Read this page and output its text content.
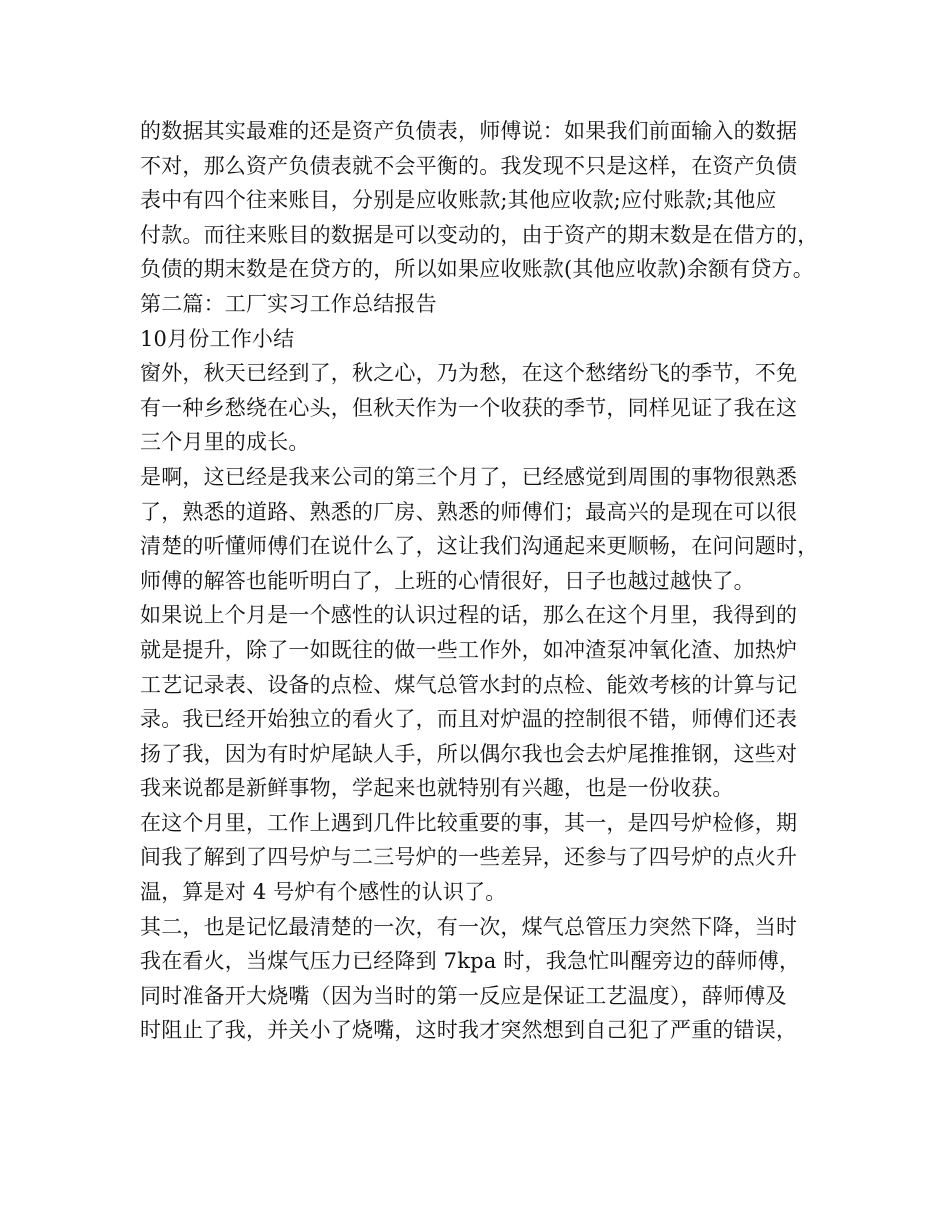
的数据其实最难的还是资产负债表，师傅说：如果我们前面输入的数据
不对，那么资产负债表就不会平衡的。我发现不只是这样，在资产负债
表中有四个往来账目，分别是应收账款;其他应收款;应付账款;其他应
付款。而往来账目的数据是可以变动的，由于资产的期末数是在借方的，
负债的期末数是在贷方的，所以如果应收账款(其他应收款)余额有贷方。
第二篇：工厂实习工作总结报告
10月份工作小结
窗外，秋天已经到了，秋之心，乃为愁，在这个愁绪纷飞的季节，不免
有一种乡愁绕在心头，但秋天作为一个收获的季节，同样见证了我在这
三个月里的成长。
是啊，这已经是我来公司的第三个月了，已经感觉到周围的事物很熟悉
了，熟悉的道路、熟悉的厂房、熟悉的师傅们；最高兴的是现在可以很
清楚的听懂师傅们在说什么了，这让我们沟通起来更顺畅，在问问题时，
师傅的解答也能听明白了，上班的心情很好，日子也越过越快了。
如果说上个月是一个感性的认识过程的话，那么在这个月里，我得到的
就是提升，除了一如既往的做一些工作外，如冲渣泵冲氧化渣、加热炉
工艺记录表、设备的点检、煤气总管水封的点检、能效考核的计算与记
录。我已经开始独立的看火了，而且对炉温的控制很不错，师傅们还表
扬了我，因为有时炉尾缺人手，所以偶尔我也会去炉尾推推钢，这些对
我来说都是新鲜事物，学起来也就特别有兴趣，也是一份收获。
在这个月里，工作上遇到几件比较重要的事，其一，是四号炉检修，期
间我了解到了四号炉与二三号炉的一些差异，还参与了四号炉的点火升
温，算是对 4 号炉有个感性的认识了。
其二，也是记忆最清楚的一次，有一次，煤气总管压力突然下降，当时
我在看火，当煤气压力已经降到 7kpa 时，我急忙叫醒旁边的薛师傅，
同时准备开大烧嘴（因为当时的第一反应是保证工艺温度），薛师傅及
时阻止了我，并关小了烧嘴，这时我才突然想到自己犯了严重的错误，
